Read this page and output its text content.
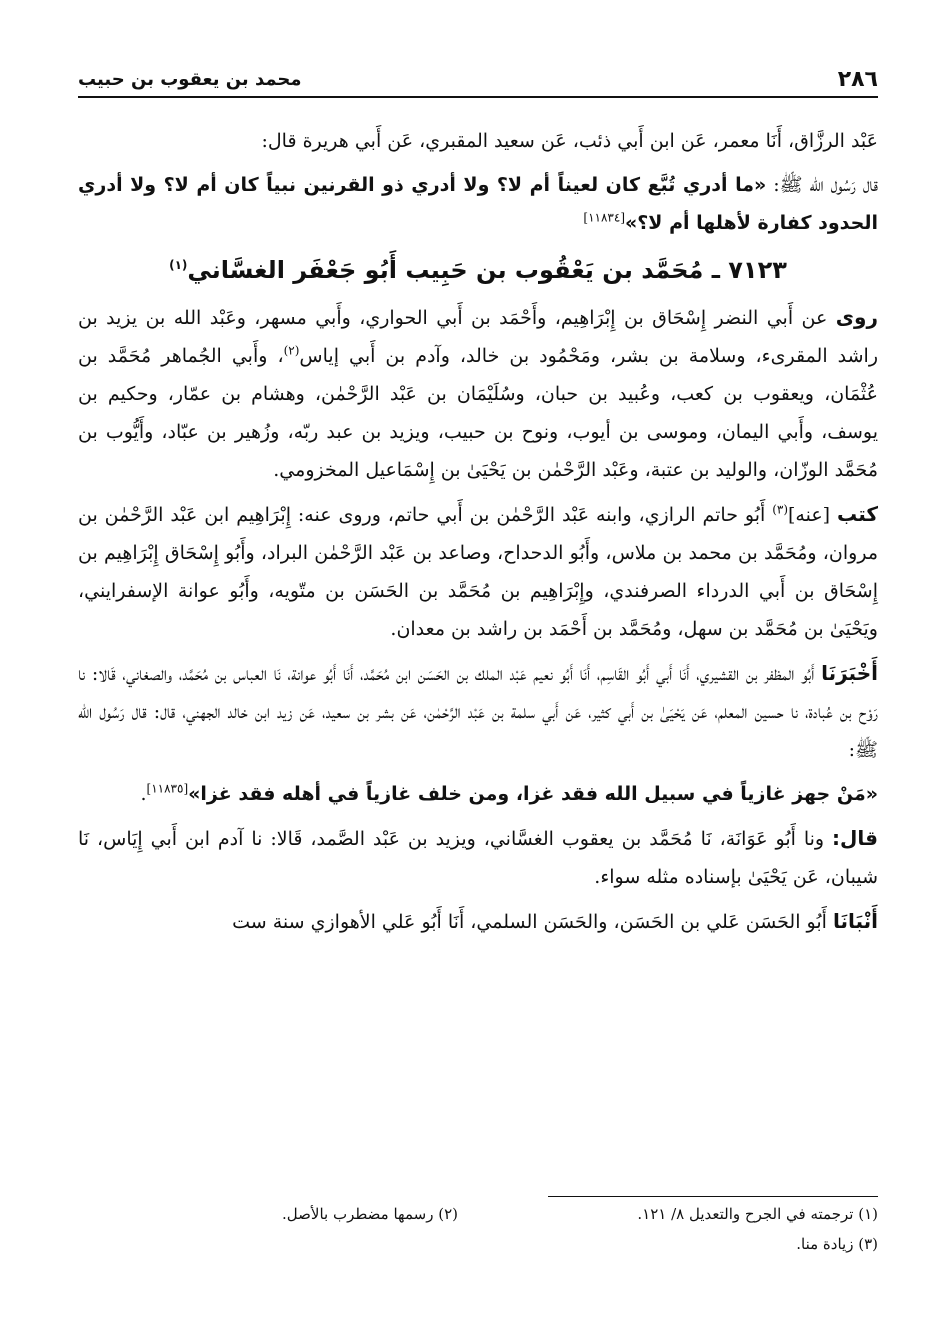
٢٨٦
محمد بن يعقوب بن حبيب

عَبْد الرزَّاق، أَنَا معمر، عَن ابن أَبي ذئب، عَن سعيد المقبري، عَن أَبي هريرة قال:

قال رَسُول الله ﷺ: «ما أدري تُبَّع كان لعيناً أم لا؟ ولا أدري ذو القرنين نبياً كان أم لا؟ ولا أدري الحدود كفارة لأهلها أم لا؟»[١١٨٣٤]

٧١٢٣ ـ مُحَمَّد بن يَعْقُوب بن حَبِيب أَبُو جَعْفَر الغسَّاني$^{(١)}$

روى عن أَبي النضر إِسْحَاق بن إِبْرَاهِيم، وأَحْمَد بن أَبي الحواري، وأَبي مسهر، وعَبْد الله بن يزيد بن راشد المقرىء، وسلامة بن بشر، ومَحْمُود بن خالد، وآدم بن أَبي إياس$^{(٢)}$، وأَبي الجُماهر مُحَمَّد بن عُثْمَان، ويعقوب بن كعب، وعُبيد بن حبان، وسُلَيْمَان بن عَبْد الرَّحْمٰن، وهشام بن عمّار، وحكيم بن يوسف، وأَبي اليمان، وموسى بن أيوب، ونوح بن حبيب، ويزيد بن عبد ربّه، وزُهير بن عبّاد، وأَيُّوب بن مُحَمَّد الوزّان، والوليد بن عتبة، وعَبْد الرَّحْمٰن بن يَحْيَىٰ بن إِسْمَاعيل المخزومي.

كتب [عنه]$^{(٣)}$ أَبُو حاتم الرازي، وابنه عَبْد الرَّحْمٰن بن أَبي حاتم، وروى عنه: إِبْرَاهِيم ابن عَبْد الرَّحْمٰن بن مروان، ومُحَمَّد بن محمد بن ملاس، وأَبُو الدحداح، وصاعد بن عَبْد الرَّحْمٰن البراد، وأَبُو إِسْحَاق إِبْرَاهِيم بن إِسْحَاق بن أَبي الدرداء الصرفندي، وإِبْرَاهِيم بن مُحَمَّد بن الحَسَن بن متّويه، وأَبُو عوانة الإسفرايني، ويَحْيَىٰ بن مُحَمَّد بن سهل، ومُحَمَّد بن أَحْمَد بن راشد بن معدان.

أَخْبَرَنَا أَبُو المظفر بن القشيري، أَنَا أَبي أَبُو القَاسِم، أَنَا أَبُو نعيم عَبْد الملك بن الحَسَن ابن مُحَمَّد، أَنَا أَبُو عوانة، نَا العباس بن مُحَمَّد، والصغاني، قَالا: نا رَوْح بن عُبادة، نا حسين المعلم، عَن يَحْيَىٰ بن أَبي كثير، عَن أَبي سلمة بن عَبْد الرَّحْمٰن، عَن بشر بن سعيد، عَن زيد ابن خالد الجهني، قال: قال رَسُول الله ﷺ:

«مَنْ جهز غازياً في سبيل الله فقد غزا، ومن خلف غازياً في أهله فقد غزا»[١١٨٣٥].

قال: ونا أَبُو عَوَانَة، نَا مُحَمَّد بن يعقوب الغسَّاني، ويزيد بن عَبْد الصَّمد، قَالا: نا آدم ابن أَبي إِيَاس، نَا شيبان، عَن يَحْيَىٰ بإسناده مثله سواء.

أَنْبَانَا أَبُو الحَسَن عَلي بن الحَسَن، والحَسَن السلمي، أَنَا أَبُو عَلي الأهوازي سنة ست

(١) ترجمته في الجرح والتعديل ٨/ ١٢١.
(٢) رسمها مضطرب بالأصل.
(٣) زيادة منا.
